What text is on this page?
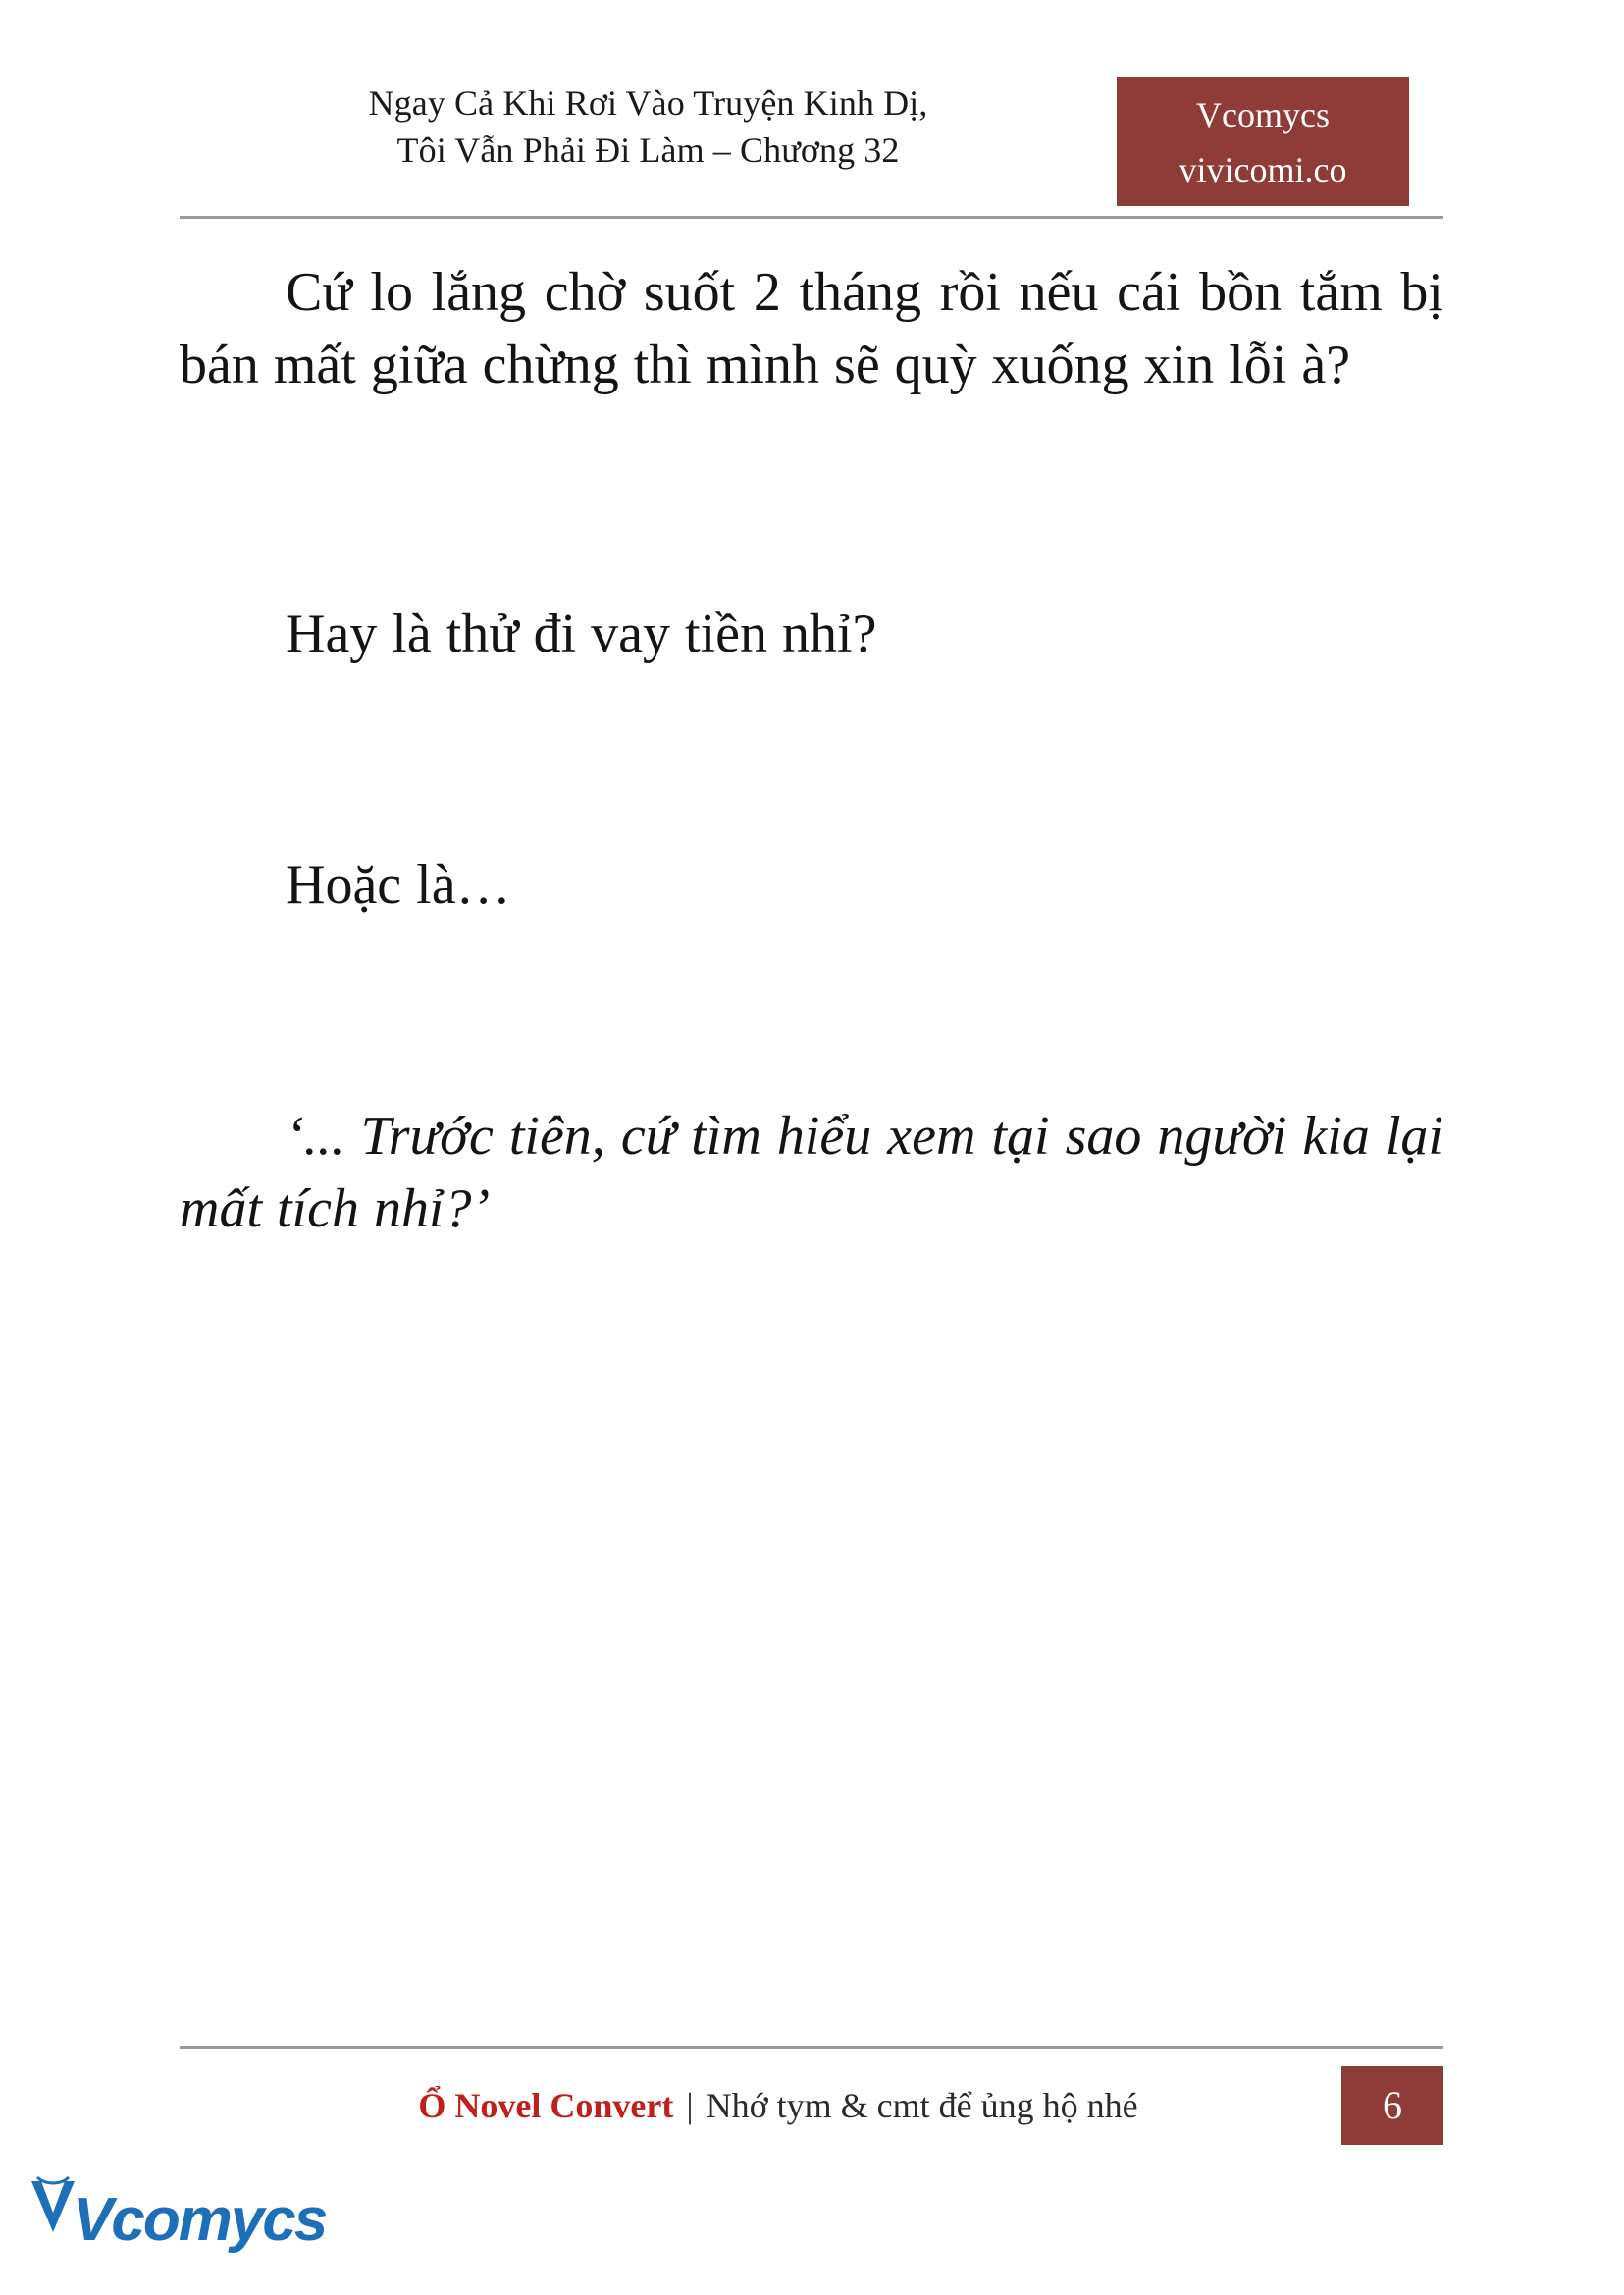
Ngay Cả Khi Rơi Vào Truyện Kinh Dị,
Tôi Vẫn Phải Đi Làm – Chương 32
Vcomycs
vivicomi.co

Cứ lo lắng chờ suốt 2 tháng rồi nếu cái bồn tắm bị bán mất giữa chừng thì mình sẽ quỳ xuống xin lỗi à?

Hay là thử đi vay tiền nhỉ?

Hoặc là…

‘... Trước tiên, cứ tìm hiểu xem tại sao người kia lại mất tích nhỉ?’

Ổ Novel Convert | Nhớ tym & cmt để ủng hộ nhé	6
Vcomycs
